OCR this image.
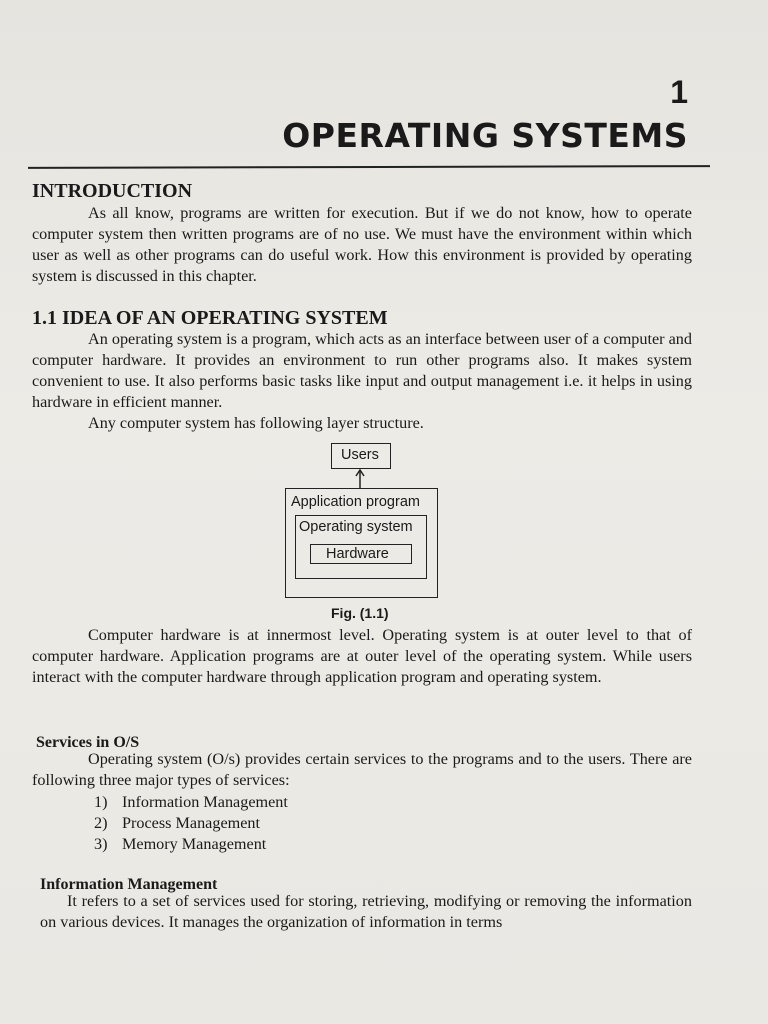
1
OPERATING SYSTEMS
INTRODUCTION
As all know, programs are written for execution. But if we do not know, how to operate computer system then written programs are of no use. We must have the environment within which user as well as other programs can do useful work. How this environment is provided by operating system is discussed in this chapter.
1.1 IDEA OF AN OPERATING SYSTEM
An operating system is a program, which acts as an interface between user of a computer and computer hardware. It provides an environment to run other programs also. It makes system convenient to use. It also performs basic tasks like input and output management i.e. it helps in using hardware in efficient manner.
Any computer system has following layer structure.
Users
Application program
Operating system
Hardware
Fig. (1.1)
Computer hardware is at innermost level. Operating system is at outer level to that of computer hardware. Application programs are at outer level of the operating system. While users interact with the computer hardware through application program and operating system.
Services in O/S
Operating system (O/s) provides certain services to the programs and to the users. There are following three major types of services:
1) Information Management
2) Process Management
3) Memory Management
Information Management
It refers to a set of services used for storing, retrieving, modifying or removing the information on various devices. It manages the organization of information in terms
